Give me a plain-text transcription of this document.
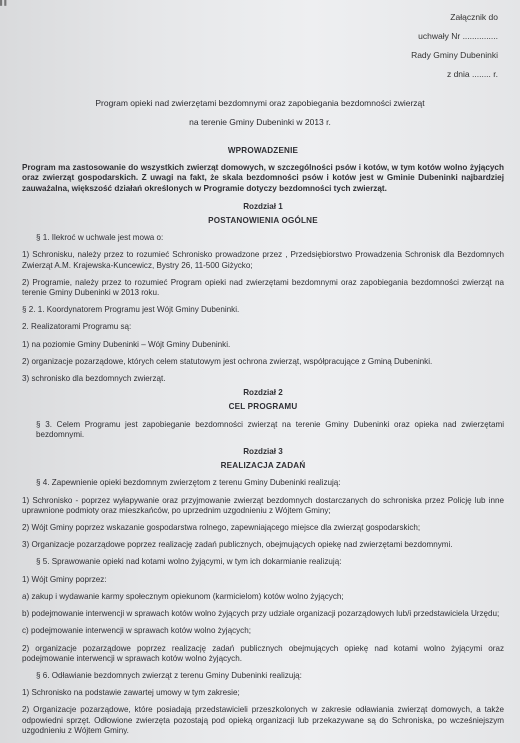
▌▌
Załącznik do
uchwały Nr ...............
Rady Gminy Dubeninki
z dnia ........ r.
Program opieki nad zwierzętami bezdomnymi oraz zapobiegania bezdomności zwierząt
na terenie Gminy Dubeninki w 2013 r.

WPROWADZENIE

Program ma zastosowanie do wszystkich zwierząt domowych, w szczególności psów i kotów, w tym kotów wolno żyjących oraz zwierząt gospodarskich. Z uwagi na fakt, że skala bezdomności psów i kotów jest w Gminie Dubeninki najbardziej zauważalna, większość działań określonych w Programie dotyczy bezdomności tych zwierząt.

Rozdział 1

POSTANOWIENIA OGÓLNE

§ 1. Ilekroć w uchwale jest mowa o:

1) Schronisku, należy przez to rozumieć Schronisko prowadzone przez , Przedsiębiorstwo Prowadzenia Schronisk dla Bezdomnych Zwierząt A.M. Krajewska-Kuncewicz, Bystry 26, 11-500 Giżycko;

2) Programie, należy przez to rozumieć Program opieki nad zwierzętami bezdomnymi oraz zapobiegania bezdomności zwierząt na terenie Gminy Dubeninki w 2013 roku.

§ 2. 1. Koordynatorem Programu jest Wójt Gminy Dubeninki.

2. Realizatorami Programu są:

1) na poziomie Gminy Dubeninki – Wójt Gminy Dubeninki.

2) organizacje pozarządowe, których celem statutowym jest ochrona zwierząt, współpracujące z Gminą Dubeninki.

3) schronisko dla bezdomnych zwierząt.

Rozdział 2

CEL PROGRAMU

§ 3. Celem Programu jest zapobieganie bezdomności zwierząt na terenie Gminy Dubeninki oraz opieka nad zwierzętami bezdomnymi.

Rozdział 3

REALIZACJA ZADAŃ

§ 4. Zapewnienie opieki bezdomnym zwierzętom z terenu Gminy Dubeninki realizują:

1) Schronisko - poprzez wyłapywanie oraz przyjmowanie zwierząt bezdomnych dostarczanych do schroniska przez Policję lub inne uprawnione podmioty oraz mieszkańców, po uprzednim uzgodnieniu z Wójtem Gminy;

2) Wójt Gminy poprzez wskazanie gospodarstwa rolnego, zapewniającego miejsce dla zwierząt gospodarskich;

3) Organizacje pozarządowe poprzez realizację zadań publicznych, obejmujących opiekę nad zwierzętami bezdomnymi.

§ 5. Sprawowanie opieki nad kotami wolno żyjącymi, w tym ich dokarmianie realizują:

1) Wójt Gminy poprzez:

a) zakup i wydawanie karmy społecznym opiekunom (karmicielom) kotów wolno żyjących;

b) podejmowanie interwencji w sprawach kotów wolno żyjących przy udziale organizacji pozarządowych lub/i przedstawiciela Urzędu;

c) podejmowanie interwencji w sprawach kotów wolno żyjących;

2) organizacje pozarządowe poprzez realizację zadań publicznych obejmujących opiekę nad kotami wolno żyjącymi oraz podejmowanie interwencji w sprawach kotów wolno żyjących.

§ 6. Odławianie bezdomnych zwierząt z terenu Gminy Dubeninki realizują:

1) Schronisko na podstawie zawartej umowy w tym zakresie;

2) Organizacje pozarządowe, które posiadają przedstawicieli przeszkolonych w zakresie odławiania zwierząt domowych, a także odpowiedni sprzęt. Odłowione zwierzęta pozostają pod opieką organizacji lub przekazywane są do Schroniska, po wcześniejszym uzgodnieniu z Wójtem Gminy.
